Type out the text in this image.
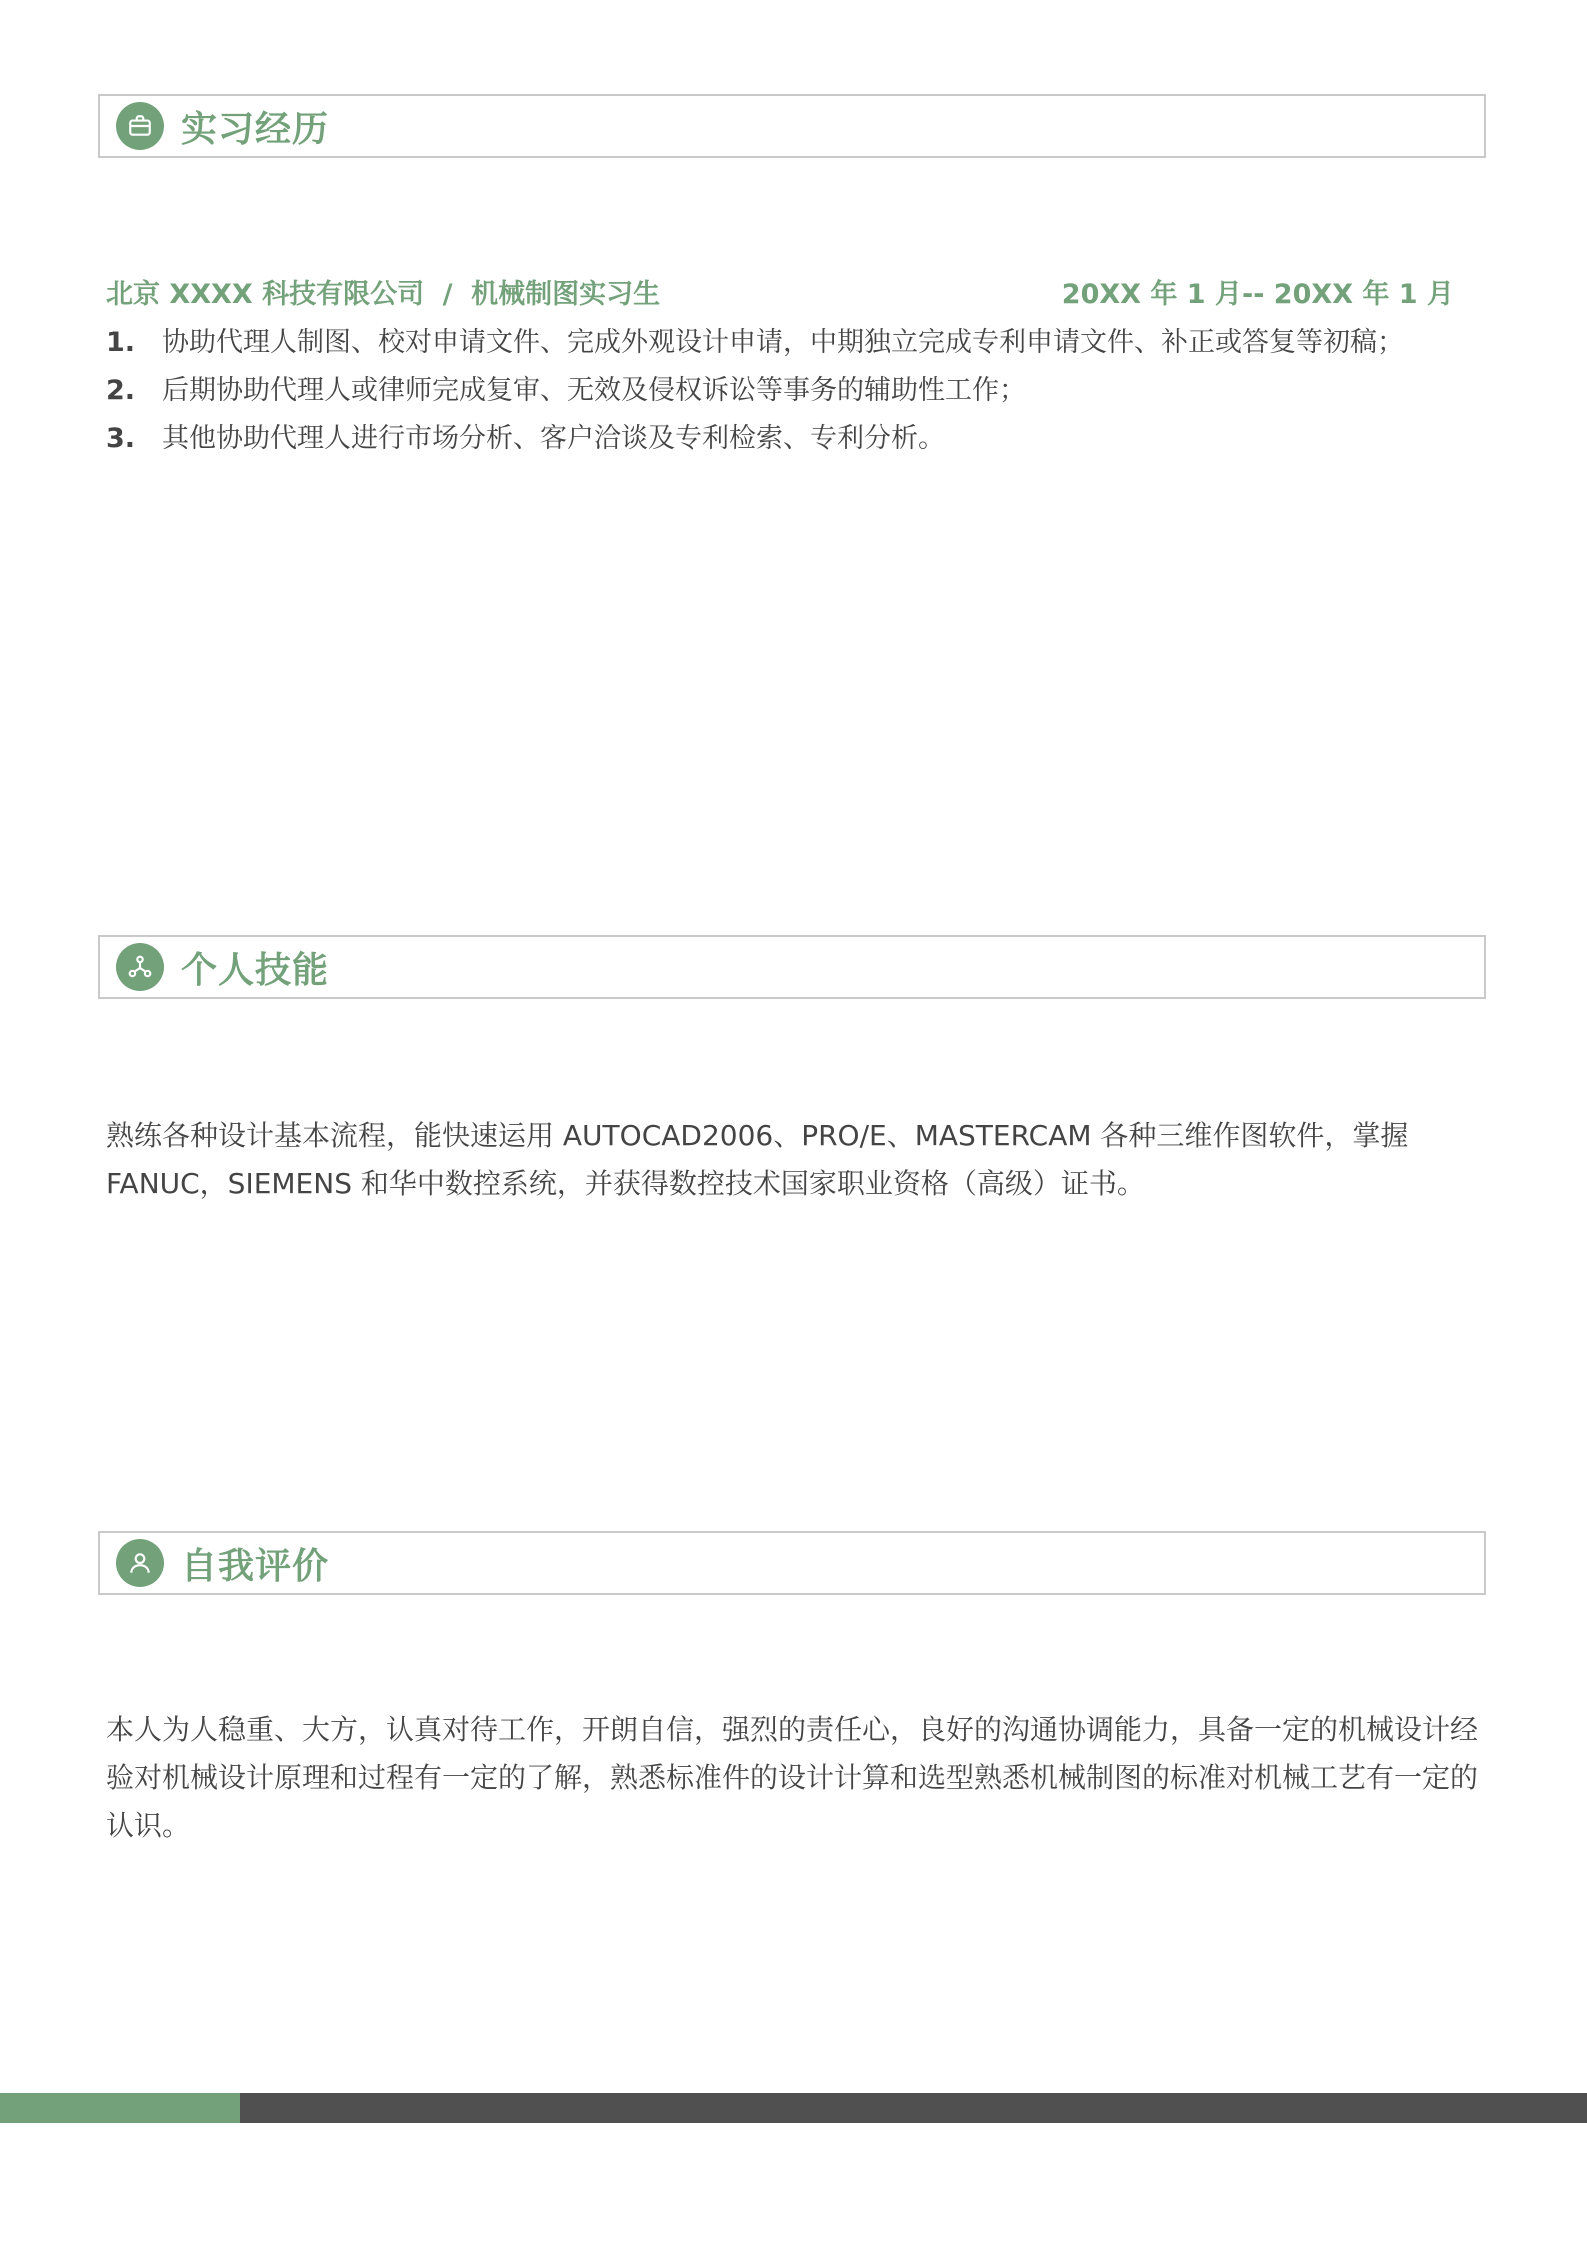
实习经历
北京 XXXX 科技有限公司 / 机械制图实习生	20XX 年 1 月-- 20XX 年 1 月
1. 协助代理人制图、校对申请文件、完成外观设计申请，中期独立完成专利申请文件、补正或答复等初稿；
2. 后期协助代理人或律师完成复审、无效及侵权诉讼等事务的辅助性工作；
3. 其他协助代理人进行市场分析、客户洽谈及专利检索、专利分析。
个人技能
熟练各种设计基本流程，能快速运用 AUTOCAD2006、PRO/E、MASTERCAM 各种三维作图软件，掌握 FANUC，SIEMENS 和华中数控系统，并获得数控技术国家职业资格（高级）证书。
自我评价
本人为人稳重、大方，认真对待工作，开朗自信，强烈的责任心，良好的沟通协调能力，具备一定的机械设计经验对机械设计原理和过程有一定的了解，熟悉标准件的设计计算和选型熟悉机械制图的标准对机械工艺有一定的认识。
